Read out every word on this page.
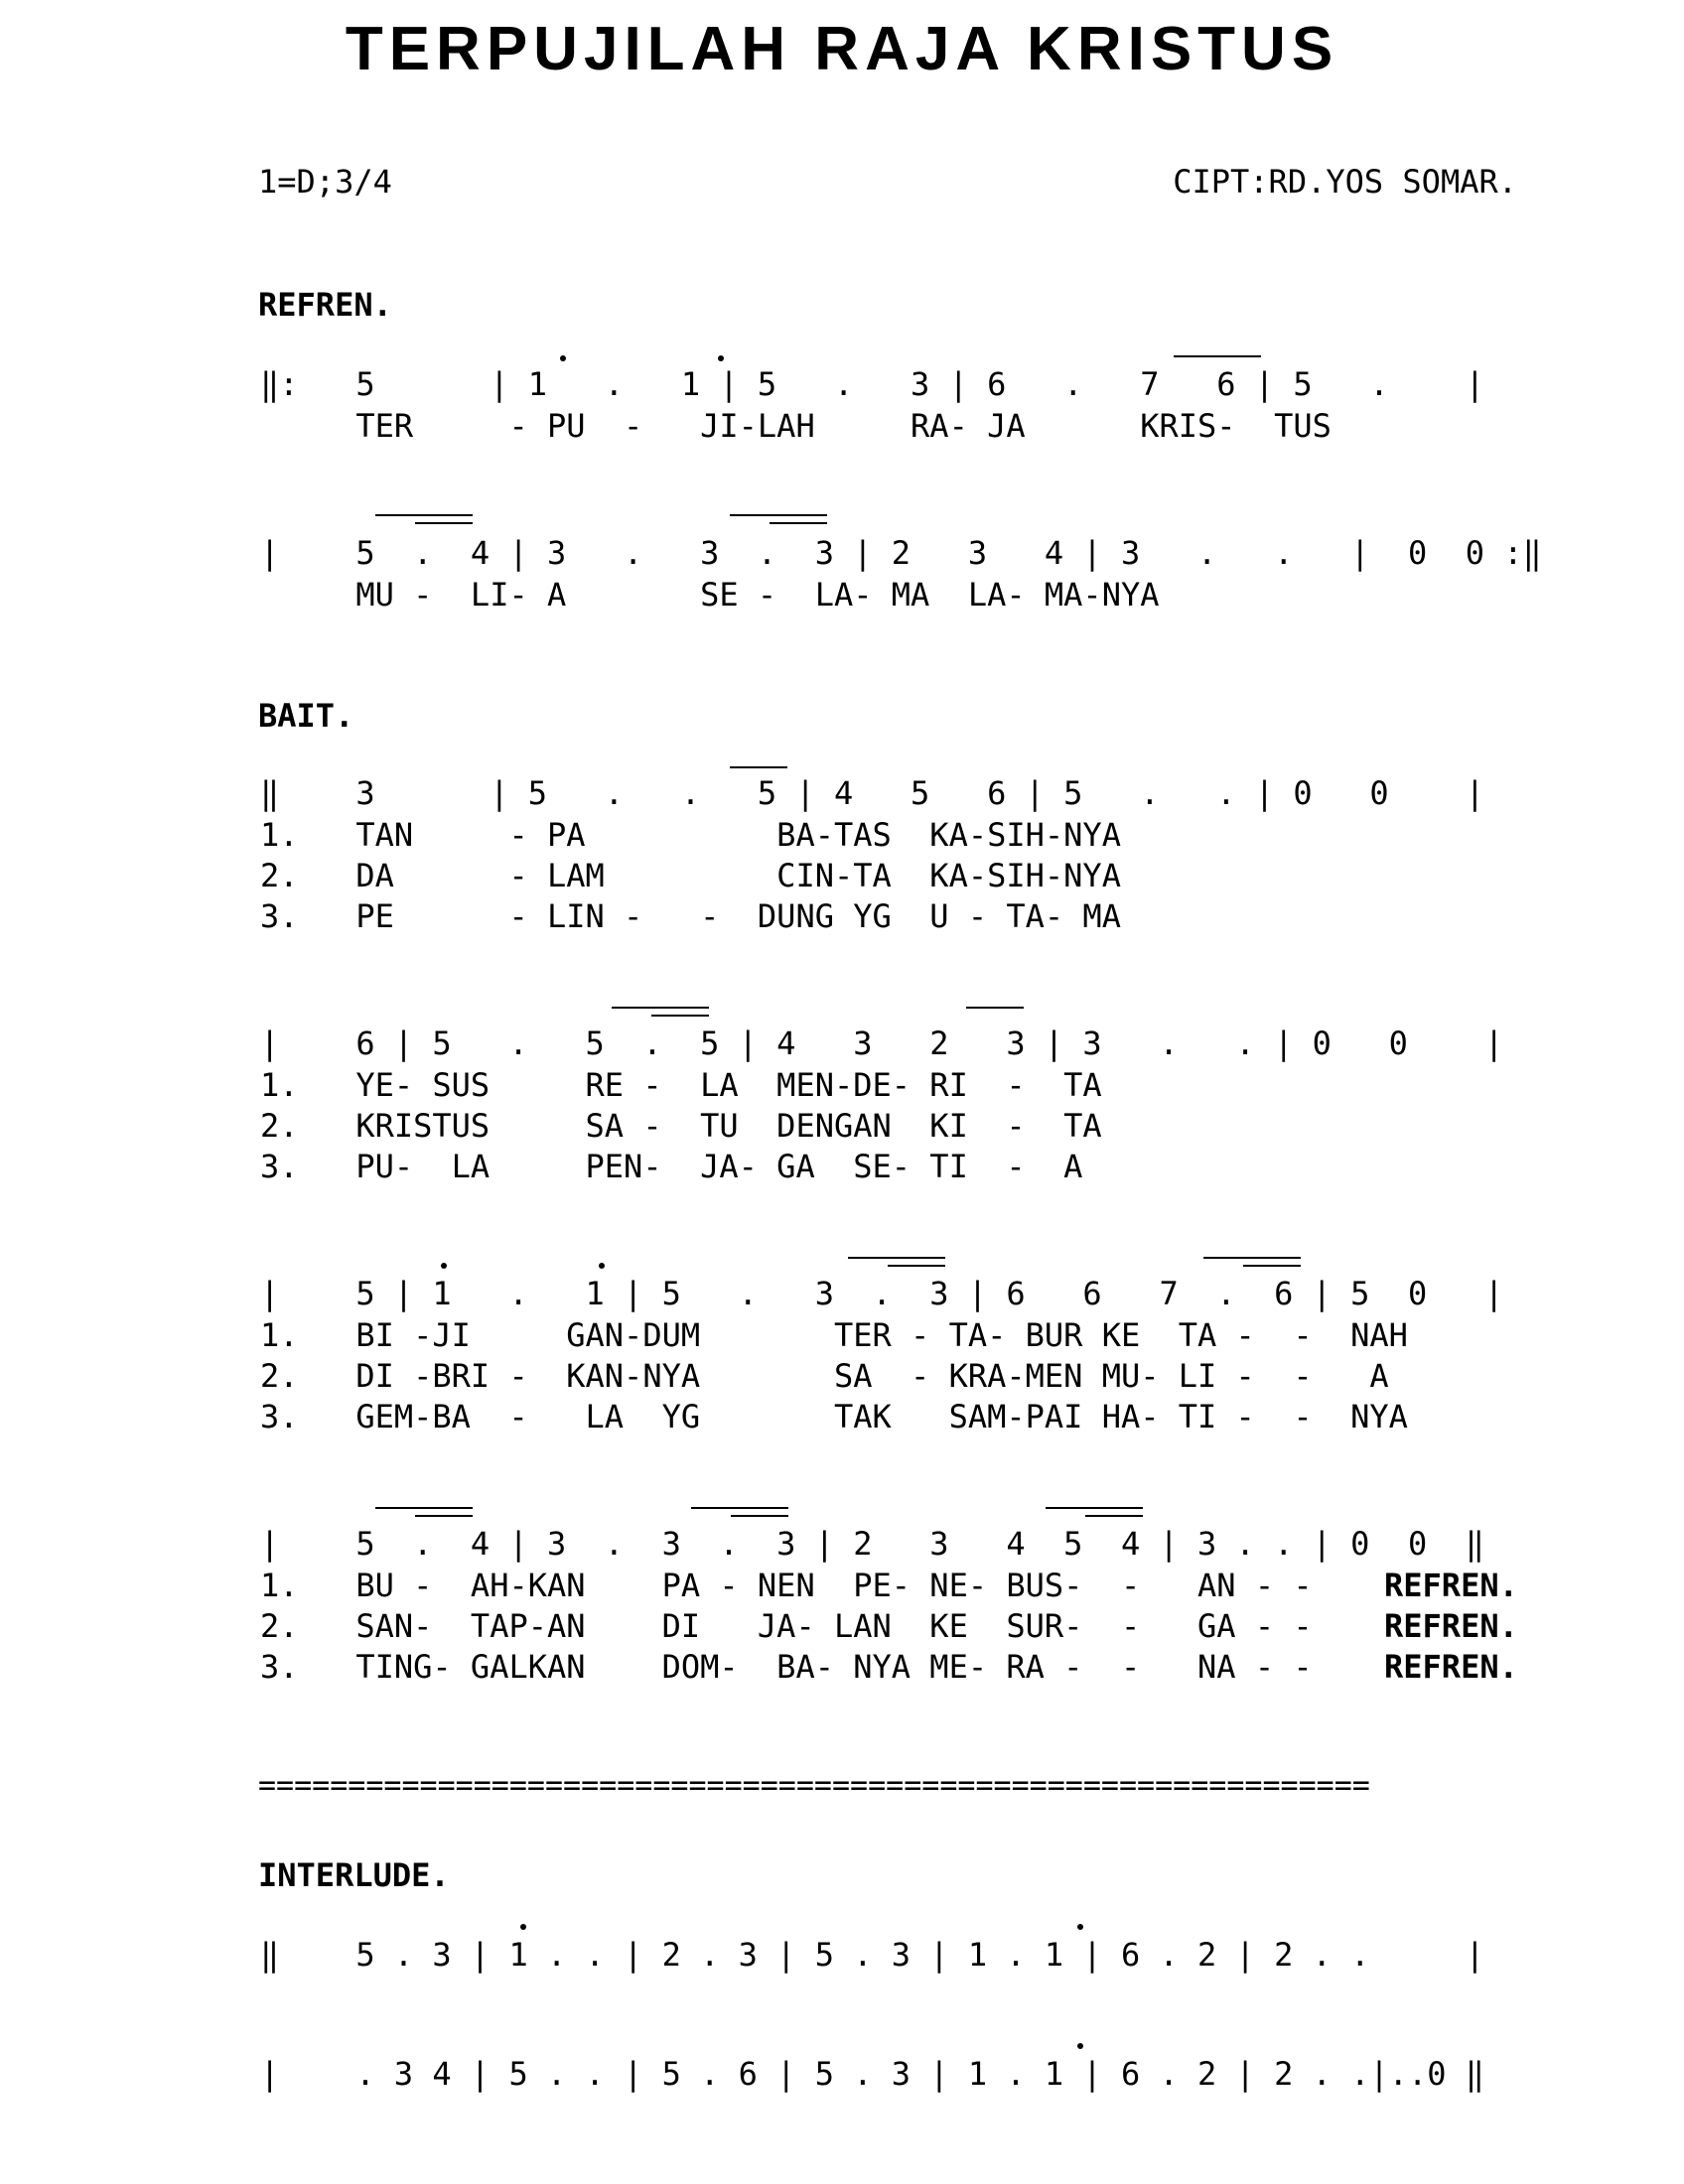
TERPUJILAH RAJA KRISTUS
1=D;3/4	CIPT:RD.YOS SOMAR.
REFREN.
‖:   5      | 1   .   1 | 5   .   3 | 6   .   7   6 | 5   .    |
TER     - PU  -   JI-LAH     RA- JA      KRIS-  TUS
|    5  .  4 | 3   .   3  .  3 | 2   3   4 | 3   .   .   |  0  0 :‖
MU -  LI- A       SE -  LA- MA  LA- MA-NYA
BAIT.
‖    3      | 5   .   .   5 | 4   5   6 | 5   .   . | 0   0    |
1.   TAN     - PA          BA-TAS  KA-SIH-NYA
2.   DA      - LAM         CIN-TA  KA-SIH-NYA
3.   PE      - LIN -   -  DUNG YG  U - TA- MA
|    6 | 5   .   5  .  5 | 4   3   2   3 | 3   .   . | 0   0    |
1.   YE- SUS     RE -  LA  MEN-DE- RI  -  TA
2.   KRISTUS     SA -  TU  DENGAN  KI  -  TA
3.   PU-  LA     PEN-  JA- GA  SE- TI  -  A
|    5 | 1   .   1 | 5   .   3  .  3 | 6   6   7  .  6 | 5  0   |
1.   BI -JI     GAN-DUM       TER - TA- BUR KE  TA -  -  NAH
2.   DI -BRI -  KAN-NYA       SA  - KRA-MEN MU- LI -  -   A
3.   GEM-BA  -   LA  YG       TAK   SAM-PAI HA- TI -  -  NYA
|    5  .  4 | 3  .  3  .  3 | 2   3   4  5  4 | 3 . . | 0  0  ‖
1.   BU -  AH-KAN    PA - NEN  PE- NE- BUS-  -   AN - -
2.   SAN-  TAP-AN    DI   JA- LAN  KE  SUR-  -   GA - -
3.   TING- GALKAN    DOM-  BA- NYA ME- RA -  -   NA - -
REFREN.
REFREN.
REFREN.
==============================================================
INTERLUDE.
‖    5 . 3 | 1 . . | 2 . 3 | 5 . 3 | 1 . 1 | 6 . 2 | 2 . .     |
|    . 3 4 | 5 . . | 5 . 6 | 5 . 3 | 1 . 1 | 6 . 2 | 2 . .|..0 ‖
